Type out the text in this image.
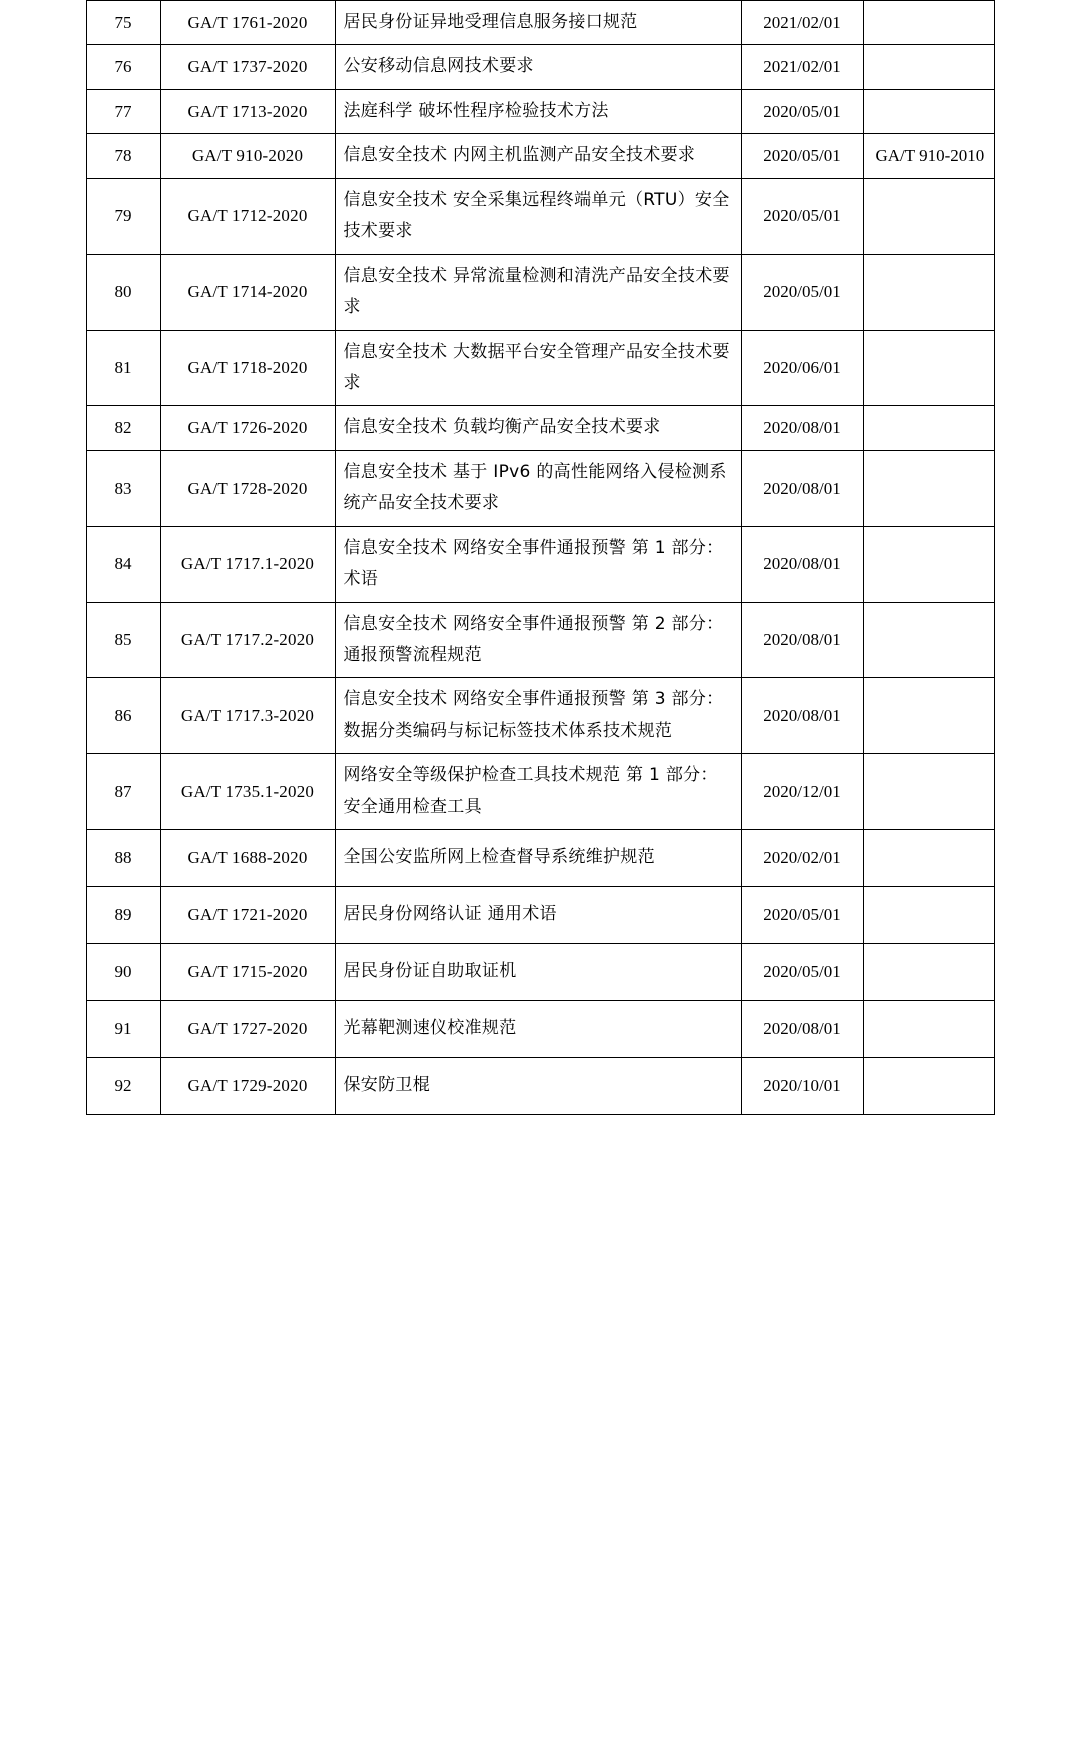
75	GA/T 1761-2020	居民身份证异地受理信息服务接口规范	2021/02/01	
76	GA/T 1737-2020	公安移动信息网技术要求	2021/02/01	
77	GA/T 1713-2020	法庭科学 破坏性程序检验技术方法	2020/05/01	
78	GA/T 910-2020	信息安全技术 内网主机监测产品安全技术要求	2020/05/01	GA/T 910-2010

79	GA/T 1712-2020	信息安全技术 安全采集远程终端单元（RTU）安全技术要求	2020/05/01	
80	GA/T 1714-2020	信息安全技术 异常流量检测和清洗产品安全技术要求	2020/05/01	
81	GA/T 1718-2020	信息安全技术 大数据平台安全管理产品安全技术要求	2020/06/01	
82	GA/T 1726-2020	信息安全技术 负载均衡产品安全技术要求	2020/08/01	
83	GA/T 1728-2020	信息安全技术 基于 IPv6 的高性能网络入侵检测系统产品安全技术要求	2020/08/01	
84	GA/T 1717.1-2020	信息安全技术 网络安全事件通报预警 第 1 部分：术语	2020/08/01	
85	GA/T 1717.2-2020	信息安全技术 网络安全事件通报预警 第 2 部分：通报预警流程规范	2020/08/01	
86	GA/T 1717.3-2020	信息安全技术 网络安全事件通报预警 第 3 部分：数据分类编码与标记标签技术体系技术规范	2020/08/01	
87	GA/T 1735.1-2020	网络安全等级保护检查工具技术规范 第 1 部分：安全通用检查工具	2020/12/01	
88	GA/T 1688-2020	全国公安监所网上检查督导系统维护规范	2020/02/01	
89	GA/T 1721-2020	居民身份网络认证 通用术语	2020/05/01	
90	GA/T 1715-2020	居民身份证自助取证机	2020/05/01	
91	GA/T 1727-2020	光幕靶测速仪校准规范	2020/08/01	
92	GA/T 1729-2020	保安防卫棍	2020/10/01	
